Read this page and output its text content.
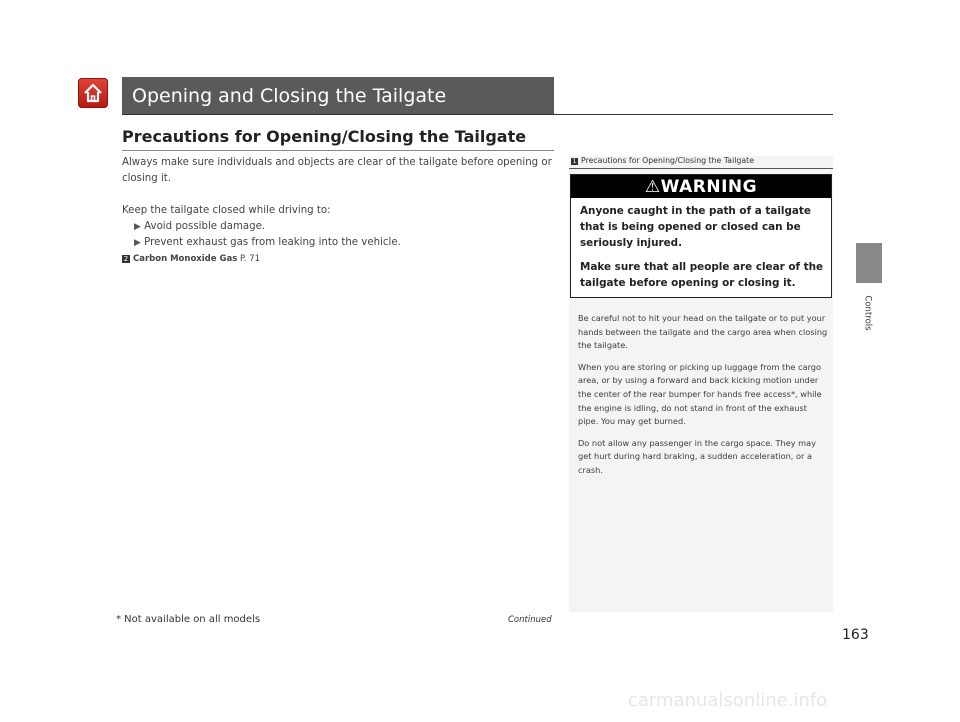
Opening and Closing the Tailgate
Precautions for Opening/Closing the Tailgate

Always make sure individuals and objects are clear of the tailgate before opening or closing it.

Keep the tailgate closed while driving to:

▶ Avoid possible damage.

▶ Prevent exhaust gas from leaking into the vehicle.

2 Carbon Monoxide Gas P. 71

1 Precautions for Opening/Closing the Tailgate
⚠WARNING

Anyone caught in the path of a tailgate that is being opened or closed can be seriously injured.

Make sure that all people are clear of the tailgate before opening or closing it.

Be careful not to hit your head on the tailgate or to put your hands between the tailgate and the cargo area when closing the tailgate.

When you are storing or picking up luggage from the cargo area, or by using a forward and back kicking motion under the center of the rear bumper for hands free access*, while the engine is idling, do not stand in front of the exhaust pipe. You may get burned.

Do not allow any passenger in the cargo space. They may get hurt during hard braking, a sudden acceleration, or a crash.

Controls
* Not available on all models	Continued
163
carmanualsonline.info
